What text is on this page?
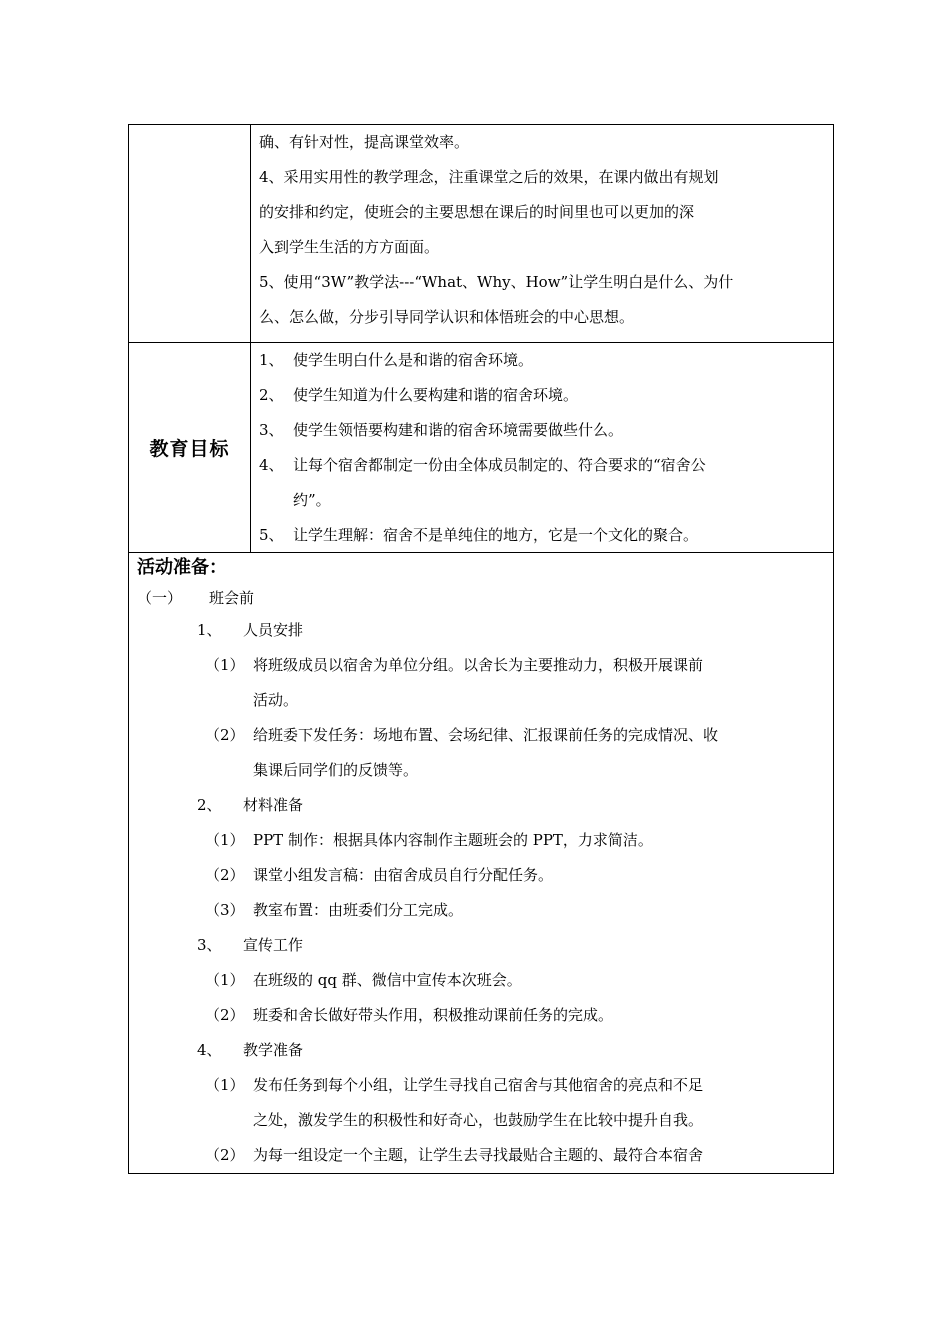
确、有针对性，提高课堂效率。
4、采用实用性的教学理念，注重课堂之后的效果，在课内做出有规划
的安排和约定，使班会的主要思想在课后的时间里也可以更加的深
入到学生生活的方方面面。
5、使用“3W”教学法---“What、Why、How”让学生明白是什么、为什
么、怎么做，分步引导同学认识和体悟班会的中心思想。
教育目标
1、 使学生明白什么是和谐的宿舍环境。
2、 使学生知道为什么要构建和谐的宿舍环境。
3、 使学生领悟要构建和谐的宿舍环境需要做些什么。
4、 让每个宿舍都制定一份由全体成员制定的、符合要求的“宿舍公
约”。
5、 让学生理解：宿舍不是单纯住的地方，它是一个文化的聚合。
活动准备：
（一） 班会前
1、 人员安排
（1） 将班级成员以宿舍为单位分组。以舍长为主要推动力，积极开展课前
活动。
（2） 给班委下发任务：场地布置、会场纪律、汇报课前任务的完成情况、收
集课后同学们的反馈等。
2、 材料准备
（1） PPT 制作：根据具体内容制作主题班会的 PPT，力求简洁。
（2） 课堂小组发言稿：由宿舍成员自行分配任务。
（3） 教室布置：由班委们分工完成。
3、 宣传工作
（1） 在班级的 qq 群、微信中宣传本次班会。
（2） 班委和舍长做好带头作用，积极推动课前任务的完成。
4、 教学准备
（1） 发布任务到每个小组，让学生寻找自己宿舍与其他宿舍的亮点和不足
之处，激发学生的积极性和好奇心，也鼓励学生在比较中提升自我。
（2） 为每一组设定一个主题，让学生去寻找最贴合主题的、最符合本宿舍
